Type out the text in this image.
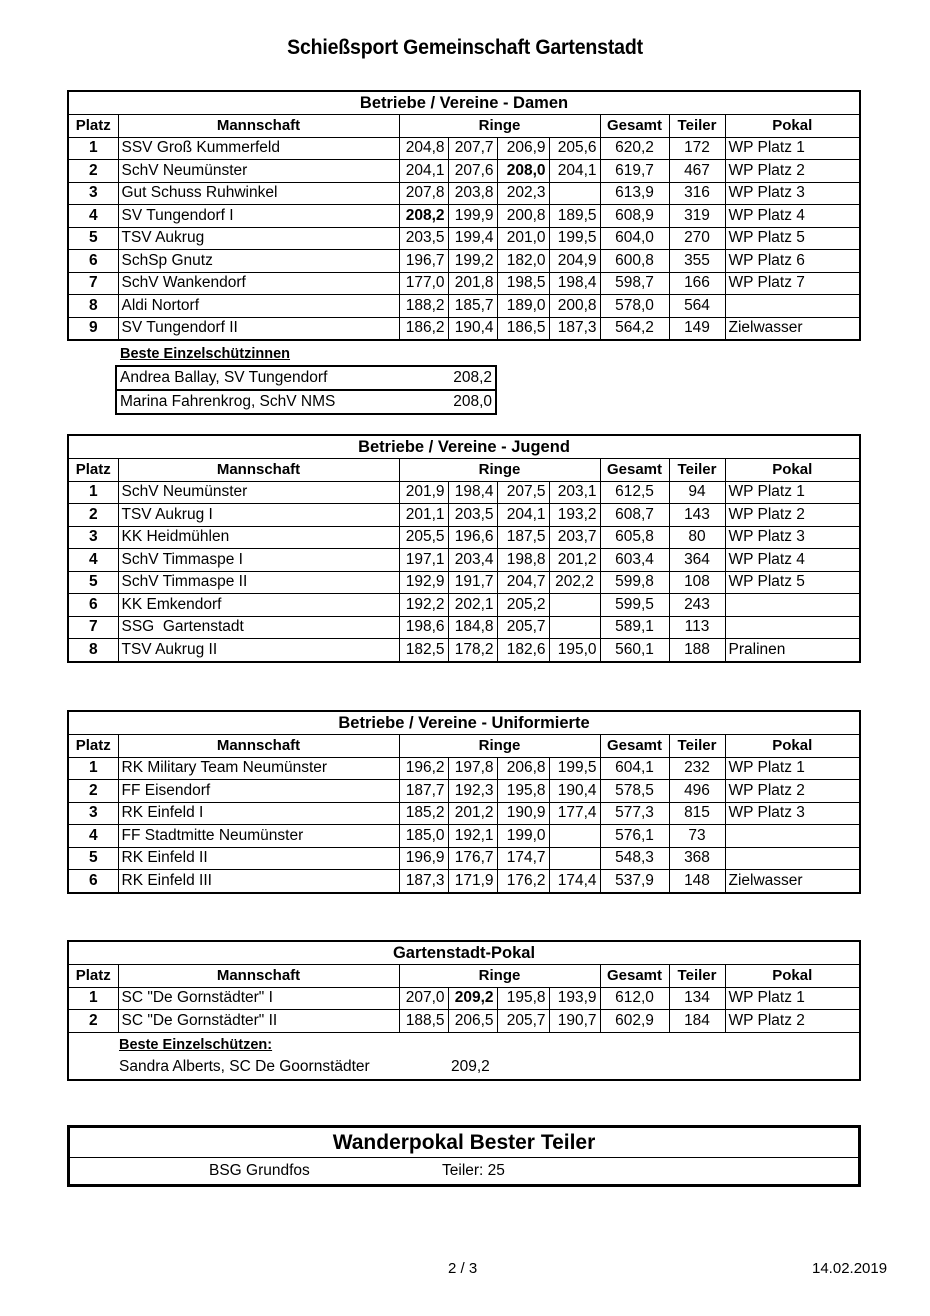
Schießsport Gemeinschaft Gartenstadt
Betriebe / Vereine - Damen								
Platz	Mannschaft	Ringe				Gesamt	Teiler	Pokal
1	SSV Groß Kummerfeld	204,8	207,7	206,9	205,6	620,2	172	WP Platz 1
2	SchV Neumünster	204,1	207,6	208,0	204,1	619,7	467	WP Platz 2
3	Gut Schuss Ruhwinkel	207,8	203,8	202,3		613,9	316	WP Platz 3
4	SV Tungendorf I	208,2	199,9	200,8	189,5	608,9	319	WP Platz 4
5	TSV Aukrug	203,5	199,4	201,0	199,5	604,0	270	WP Platz 5
6	SchSp Gnutz	196,7	199,2	182,0	204,9	600,8	355	WP Platz 6
7	SchV Wankendorf	177,0	201,8	198,5	198,4	598,7	166	WP Platz 7
8	Aldi Nortorf	188,2	185,7	189,0	200,8	578,0	564	
9	SV Tungendorf II	186,2	190,4	186,5	187,3	564,2	149	Zielwasser
Beste Einzelschützinnen
Andrea Ballay, SV Tungendorf	208,2
Marina Fahrenkrog, SchV NMS	208,0
Betriebe / Vereine - Jugend								
Platz	Mannschaft	Ringe				Gesamt	Teiler	Pokal
1	SchV Neumünster	201,9	198,4	207,5	203,1	612,5	94	WP Platz 1
2	TSV Aukrug I	201,1	203,5	204,1	193,2	608,7	143	WP Platz 2
3	KK Heidmühlen	205,5	196,6	187,5	203,7	605,8	80	WP Platz 3
4	SchV Timmaspe I	197,1	203,4	198,8	201,2	603,4	364	WP Platz 4
5	SchV Timmaspe II	192,9	191,7	204,7	202,2	599,8	108	WP Platz 5
6	KK Emkendorf	192,2	202,1	205,2		599,5	243	
7	SSG  Gartenstadt	198,6	184,8	205,7		589,1	113	
8	TSV Aukrug II	182,5	178,2	182,6	195,0	560,1	188	Pralinen
Betriebe / Vereine - Uniformierte								
Platz	Mannschaft	Ringe				Gesamt	Teiler	Pokal
1	RK Military Team Neumünster	196,2	197,8	206,8	199,5	604,1	232	WP Platz 1
2	FF Eisendorf	187,7	192,3	195,8	190,4	578,5	496	WP Platz 2
3	RK Einfeld I	185,2	201,2	190,9	177,4	577,3	815	WP Platz 3
4	FF Stadtmitte Neumünster	185,0	192,1	199,0		576,1	73	
5	RK Einfeld II	196,9	176,7	174,7		548,3	368	
6	RK Einfeld III	187,3	171,9	176,2	174,4	537,9	148	Zielwasser
Gartenstadt-Pokal								
Platz	Mannschaft	Ringe				Gesamt	Teiler	Pokal
1	SC "De Gornstädter" I	207,0	209,2	195,8	193,9	612,0	134	WP Platz 1
2	SC "De Gornstädter" II	188,5	206,5	205,7	190,7	602,9	184	WP Platz 2

Beste Einzelschützen:
Sandra Alberts, SC De Goornstädter 209,2								
Wanderpokal Bester Teiler
BSG Grundfos	Teiler: 25
2 / 3	14.02.2019
